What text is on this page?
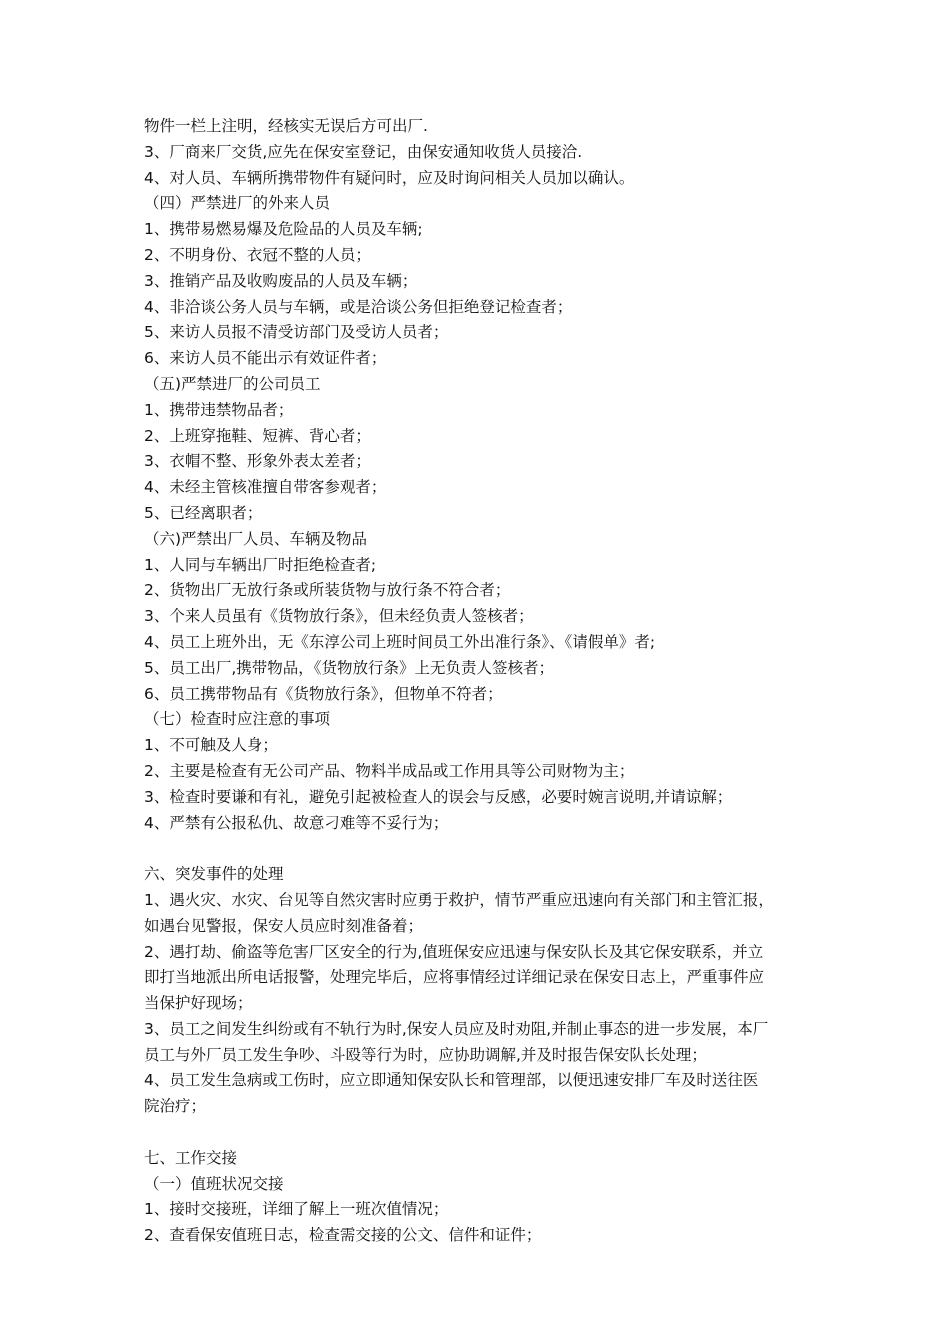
物件一栏上注明，经核实无误后方可出厂.
3、厂商来厂交货,应先在保安室登记，由保安通知收货人员接洽.
4、对人员、车辆所携带物件有疑问时，应及时询问相关人员加以确认。
（四）严禁进厂的外来人员
1、携带易燃易爆及危险品的人员及车辆;
2、不明身份、衣冠不整的人员；
3、推销产品及收购废品的人员及车辆；
4、非洽谈公务人员与车辆，或是洽谈公务但拒绝登记检查者；
5、来访人员报不清受访部门及受访人员者；
6、来访人员不能出示有效证件者；
（五)严禁进厂的公司员工
1、携带违禁物品者；
2、上班穿拖鞋、短裤、背心者；
3、衣帽不整、形象外表太差者；
4、未经主管核准擅自带客参观者；
5、已经离职者；
（六)严禁出厂人员、车辆及物品
1、人同与车辆出厂时拒绝检查者;
2、货物出厂无放行条或所装货物与放行条不符合者；
3、个来人员虽有《货物放行条》，但未经负责人签核者；
4、员工上班外出，无《东淳公司上班时间员工外出准行条》、《请假单》者;
5、员工出厂,携带物品，《货物放行条》上无负责人签核者；
6、员工携带物品有《货物放行条》，但物单不符者；
（七）检查时应注意的事项
1、不可触及人身；
2、主要是检查有无公司产品、物料半成品或工作用具等公司财物为主；
3、检查时要谦和有礼，避免引起被检查人的误会与反感，必要时婉言说明,并请谅解；
4、严禁有公报私仇、故意刁难等不妥行为；
六、突发事件的处理
1、遇火灾、水灾、台见等自然灾害时应勇于救护，情节严重应迅速向有关部门和主管汇报，
如遇台见警报，保安人员应时刻准备着；
2、遇打劫、偷盗等危害厂区安全的行为,值班保安应迅速与保安队长及其它保安联系，并立
即打当地派出所电话报警，处理完毕后，应将事情经过详细记录在保安日志上，严重事件应
当保护好现场；
3、员工之间发生纠纷或有不轨行为时,保安人员应及时劝阻,并制止事态的进一步发展，本厂
员工与外厂员工发生争吵、斗殴等行为时，应协助调解,并及时报告保安队长处理；
4、员工发生急病或工伤时，应立即通知保安队长和管理部，以便迅速安排厂车及时送往医
院治疗；
七、工作交接
（一）值班状况交接
1、接时交接班，详细了解上一班次值情况；
2、查看保安值班日志，检查需交接的公文、信件和证件；
